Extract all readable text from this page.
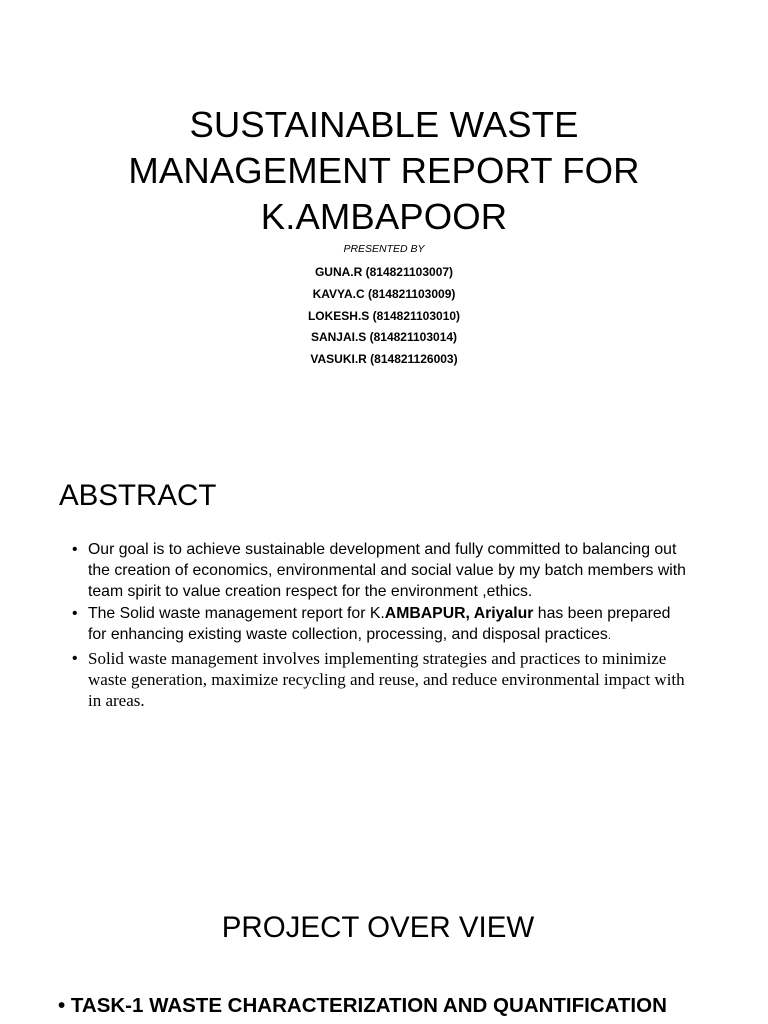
SUSTAINABLE WASTE
MANAGEMENT REPORT FOR
K.AMBAPOOR
PRESENTED BY
GUNA.R (814821103007)
KAVYA.C (814821103009)
LOKESH.S (814821103010)
SANJAI.S (814821103014)
VASUKI.R (814821126003)
ABSTRACT
• Our goal is to achieve sustainable development and fully committed to balancing out the creation of economics, environmental and social value by my batch members with team spirit to value creation respect for the environment ,ethics.
• The Solid waste management report for K.AMBAPUR, Ariyalur has been prepared for enhancing existing waste collection, processing, and disposal practices.
• Solid waste management involves implementing strategies and practices to minimize waste generation, maximize recycling and reuse, and reduce environmental impact with in areas.
PROJECT OVER VIEW
• TASK-1 WASTE CHARACTERIZATION AND QUANTIFICATION
